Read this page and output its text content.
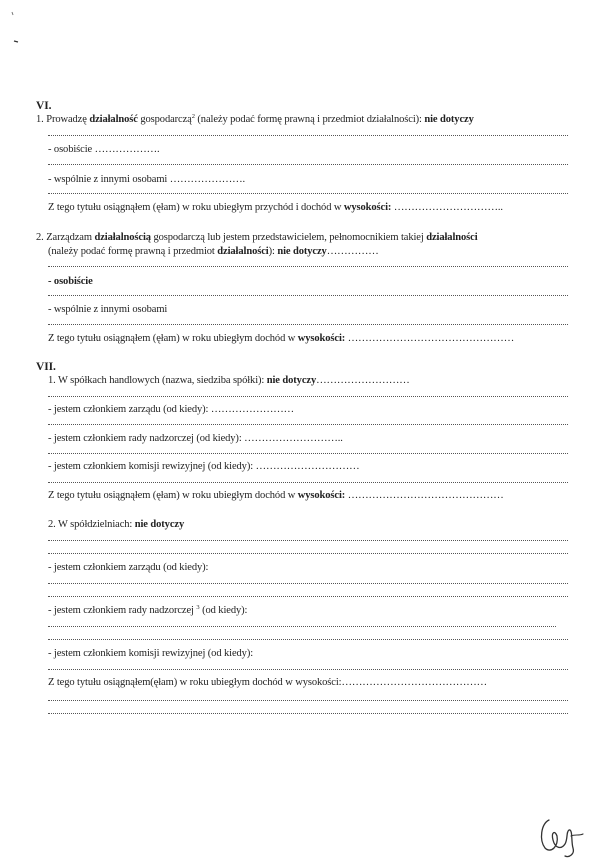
VI.
1. Prowadzę działalność gospodarczą$^2$ (należy podać formę prawną i przedmiot działalności): nie dotyczy
- osobiście ……………….
- wspólnie z innymi osobami ………………….
Z tego tytułu osiągnąłem (ęłam) w roku ubiegłym przychód i dochód w wysokości: …………………………..
2. Zarządzam działalnością gospodarczą lub jestem przedstawicielem, pełnomocnikiem takiej działalności
(należy podać formę prawną i przedmiot działalności): nie dotyczy……………
- osobiście
- wspólnie z innymi osobami
Z tego tytułu osiągnąłem (ęłam) w roku ubiegłym dochód w wysokości: …………………………………………
VII.
1. W spółkach handlowych (nazwa, siedziba spółki): nie dotyczy………………………
- jestem członkiem zarządu (od kiedy): ……………………
- jestem członkiem rady nadzorczej (od kiedy): ………………………..
- jestem członkiem komisji rewizyjnej (od kiedy): …………………………
Z tego tytułu osiągnąłem (ęłam) w roku ubiegłym dochód w wysokości: ………………………………………
2. W spółdzielniach: nie dotyczy
- jestem członkiem zarządu (od kiedy):
- jestem członkiem rady nadzorczej $^3$ (od kiedy):
- jestem członkiem komisji rewizyjnej (od kiedy):
Z tego tytułu osiągnąłem(ęłam) w roku ubiegłym dochód w wysokości:……………………………………
